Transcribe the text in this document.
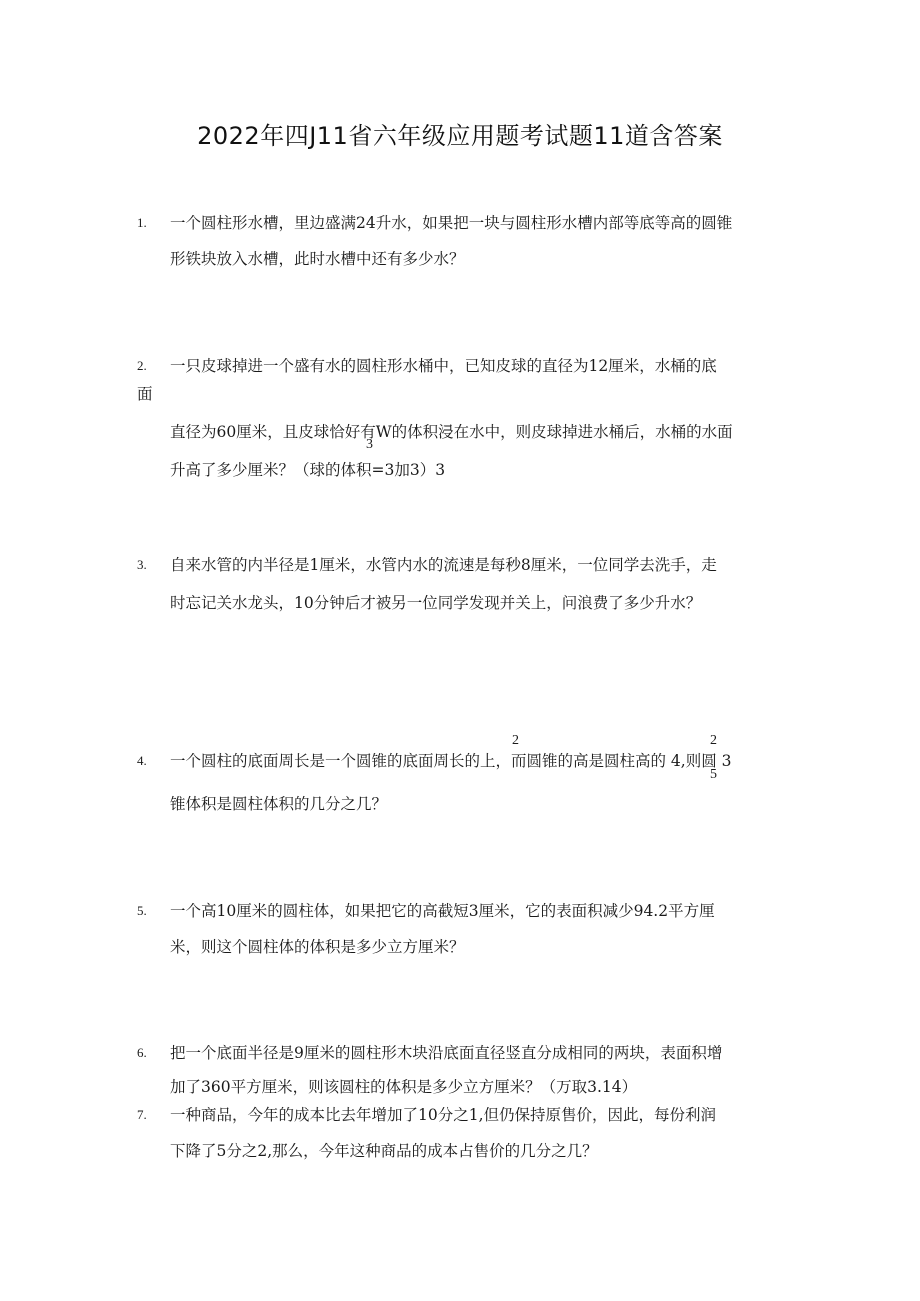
2022年四J11省六年级应用题考试题11道含答案
1. 一个圆柱形水槽，里边盛满24升水，如果把一块与圆柱形水槽内部等底等高的圆锥
形铁块放入水槽，此时水槽中还有多少水？
2. 一只皮球掉进一个盛有水的圆柱形水桶中，已知皮球的直径为12厘米，水桶的底
面
直径为60厘米，且皮球恰好有W的体积浸在水中，则皮球掉进水桶后，水桶的水面
3
升高了多少厘米？（球的体积=3加3）3
3. 自来水管的内半径是1厘米，水管内水的流速是每秒8厘米，一位同学去洗手，走
时忘记关水龙头，10分钟后才被另一位同学发现并关上，问浪费了多少升水？
2	2
4. 一个圆柱的底面周长是一个圆锥的底面周长的上，而圆锥的高是圆柱高的 4,则圆 3
5
锥体积是圆柱体积的几分之几？
5. 一个高10厘米的圆柱体，如果把它的高截短3厘米，它的表面积减少94.2平方厘
米，则这个圆柱体的体积是多少立方厘米？
6. 把一个底面半径是9厘米的圆柱形木块沿底面直径竖直分成相同的两块，表面积增
加了360平方厘米，则该圆柱的体积是多少立方厘米？（万取3.14）
7. 一种商品，今年的成本比去年增加了10分之1,但仍保持原售价，因此，每份利润
下降了5分之2,那么，今年这种商品的成本占售价的几分之几？
